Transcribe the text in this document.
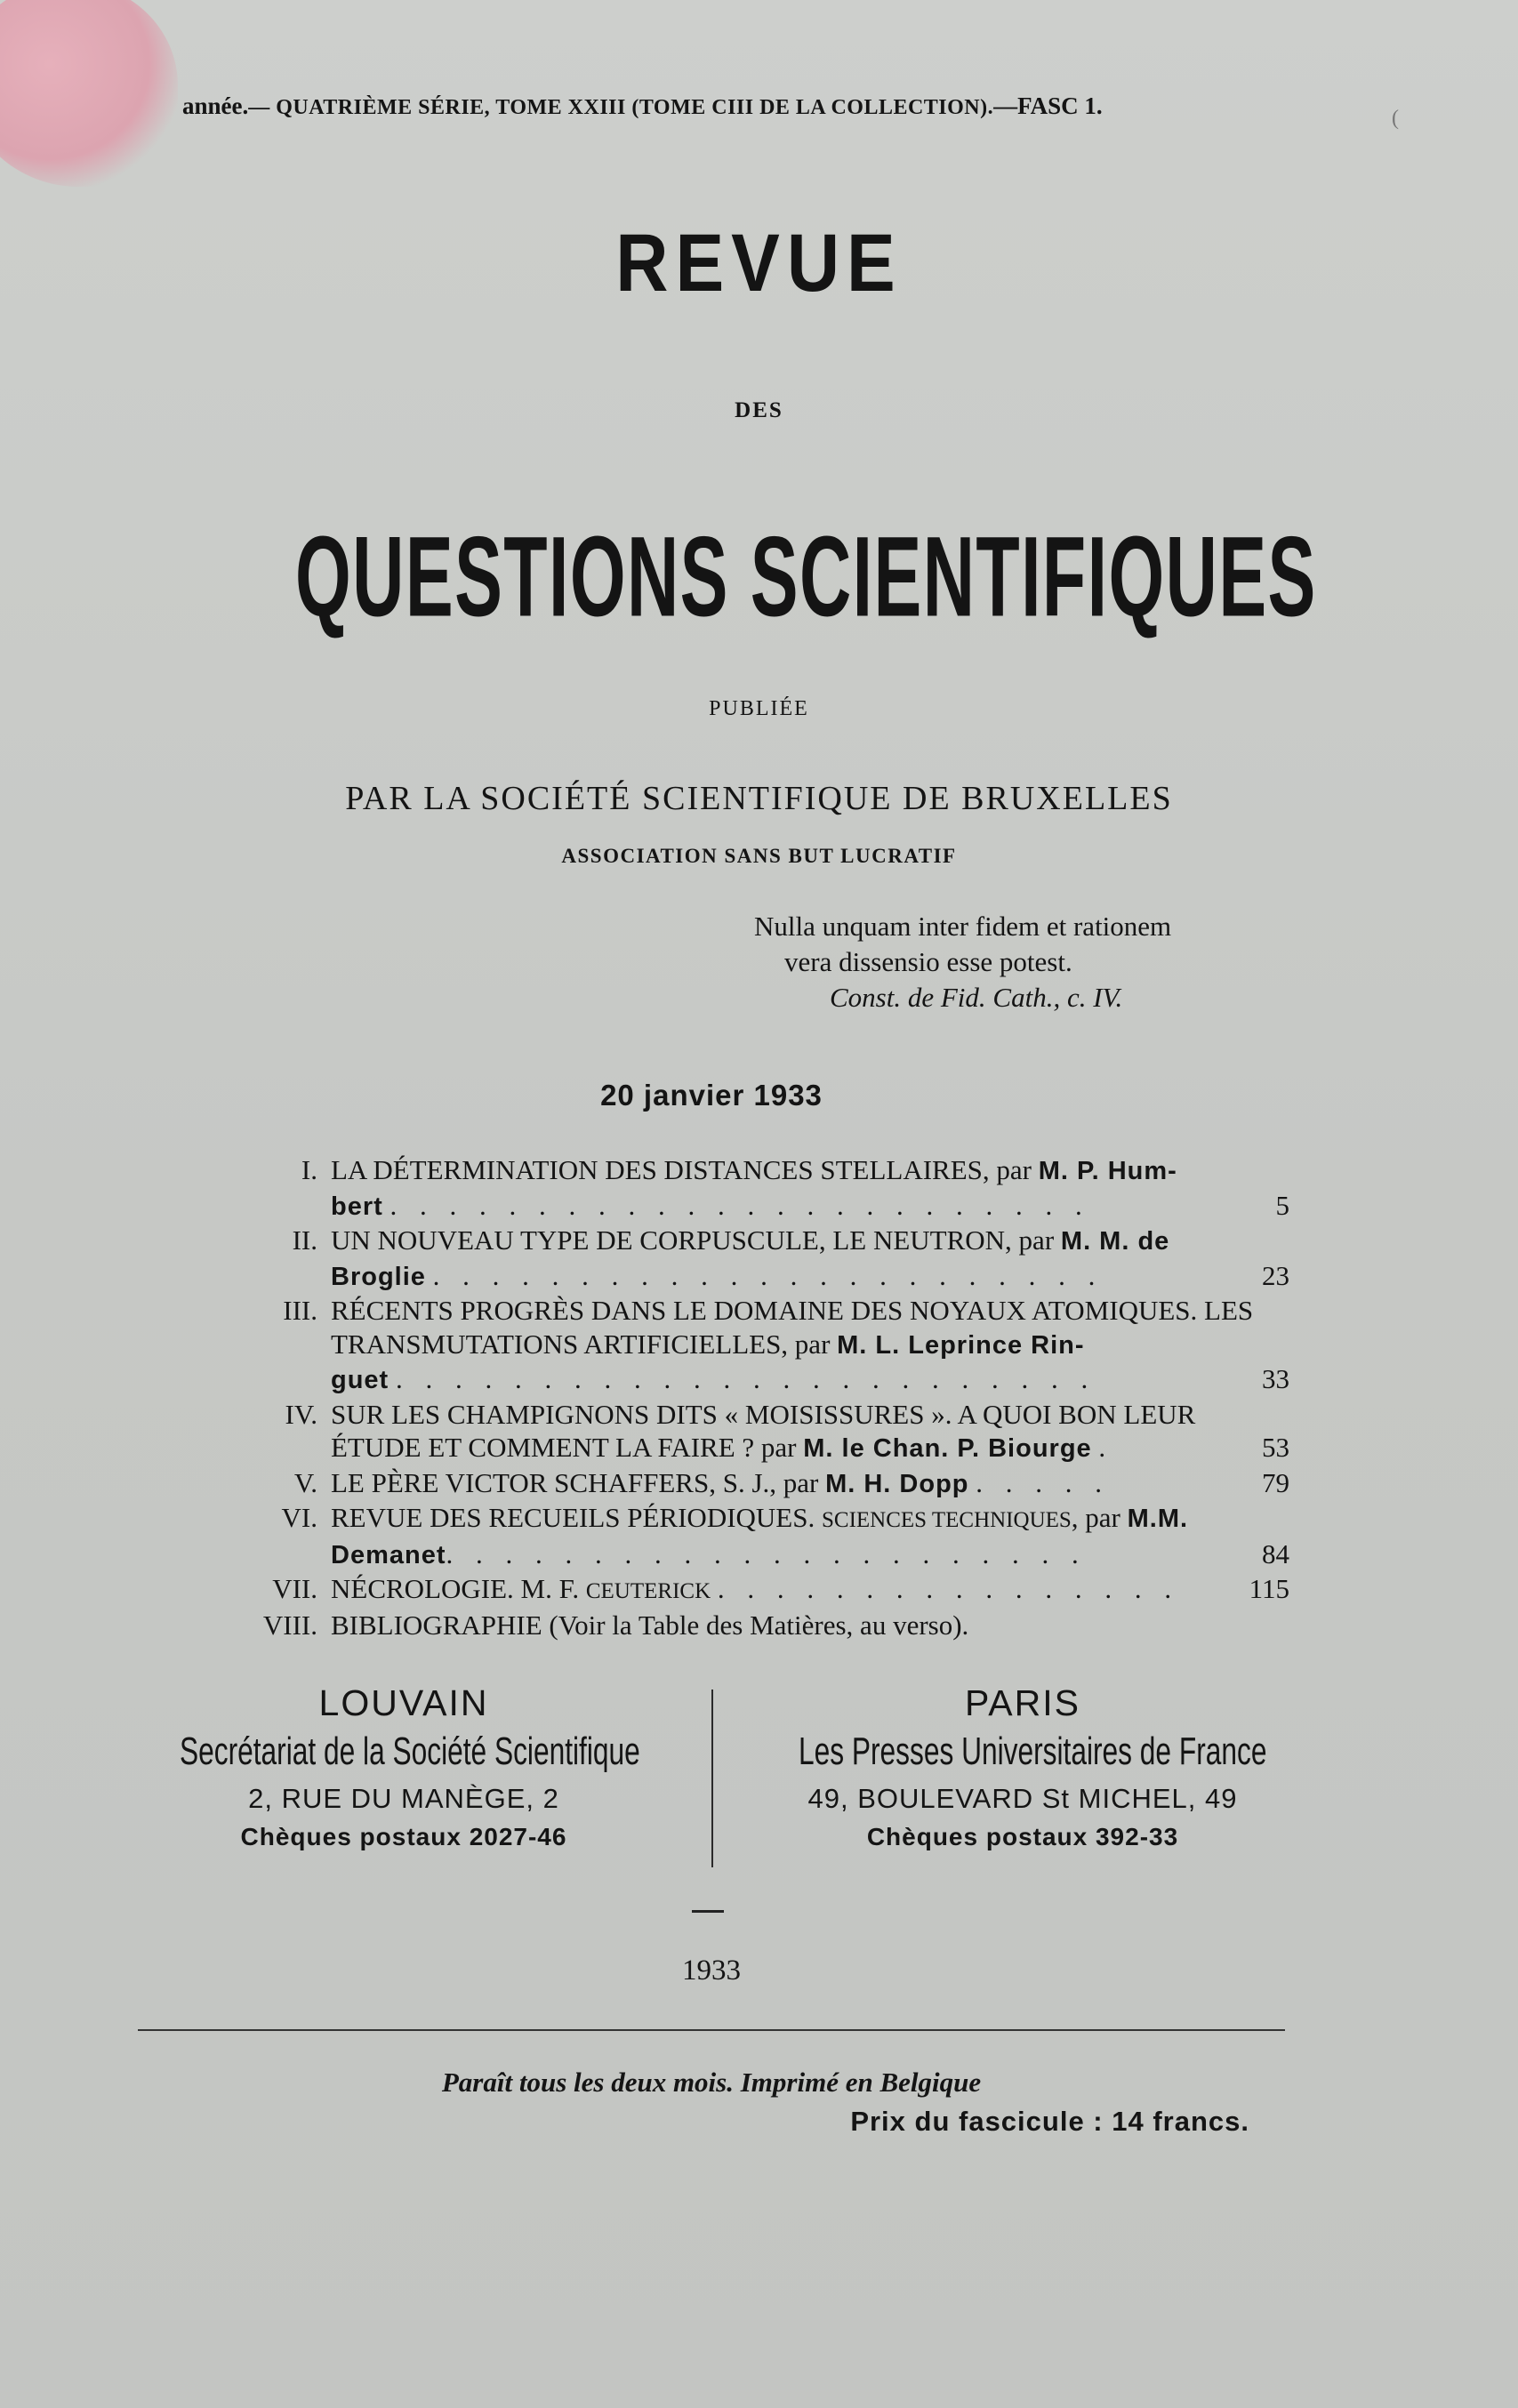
année.— QUATRIÈME SÉRIE, TOME XXIII (TOME CIII DE LA COLLECTION).—FASC 1.	(
REVUE
DES
QUESTIONS SCIENTIFIQUES
PUBLIÉE
PAR LA SOCIÉTÉ SCIENTIFIQUE DE BRUXELLES
ASSOCIATION SANS BUT LUCRATIF
Nulla unquam inter fidem et rationem
vera dissensio esse potest.
Const. de Fid. Cath., c. IV.
20 janvier 1933
I. LA DÉTERMINATION DES DISTANCES STELLAIRES, par M. P. Hum-
bert . . . . . . . . . . . . . . . . . . . . . . . .	5
II. UN NOUVEAU TYPE DE CORPUSCULE, LE NEUTRON, par M. M. de
Broglie . . . . . . . . . . . . . . . . . . . . . . .	23
III. RÉCENTS PROGRÈS DANS LE DOMAINE DES NOYAUX ATOMIQUES. LES
TRANSMUTATIONS ARTIFICIELLES, par M. L. Leprince Rin-
guet . . . . . . . . . . . . . . . . . . . . . . . .	33
IV. SUR LES CHAMPIGNONS DITS « MOISISSURES ». A QUOI BON LEUR
ÉTUDE ET COMMENT LA FAIRE ? par M. le Chan. P. Biourge .	53
V. LE PÈRE VICTOR SCHAFFERS, S. J., par M. H. Dopp . . . . .	79
VI. REVUE DES RECUEILS PÉRIODIQUES. SCIENCES TECHNIQUES, par M.M.
Demanet. . . . . . . . . . . . . . . . . . . . . .	84
VII. NÉCROLOGIE. M. F. CEUTERICK . . . . . . . . . . . . . . . .	115
VIII. BIBLIOGRAPHIE (Voir la Table des Matières, au verso).
LOUVAIN
Secrétariat de la Société Scientifique
2, RUE DU MANÈGE, 2
Chèques postaux 2027-46
PARIS
Les Presses Universitaires de France
49, BOULEVARD St MICHEL, 49
Chèques postaux 392-33
1933
Paraît tous les deux mois. Imprimé en Belgique
Prix du fascicule : 14 francs.
